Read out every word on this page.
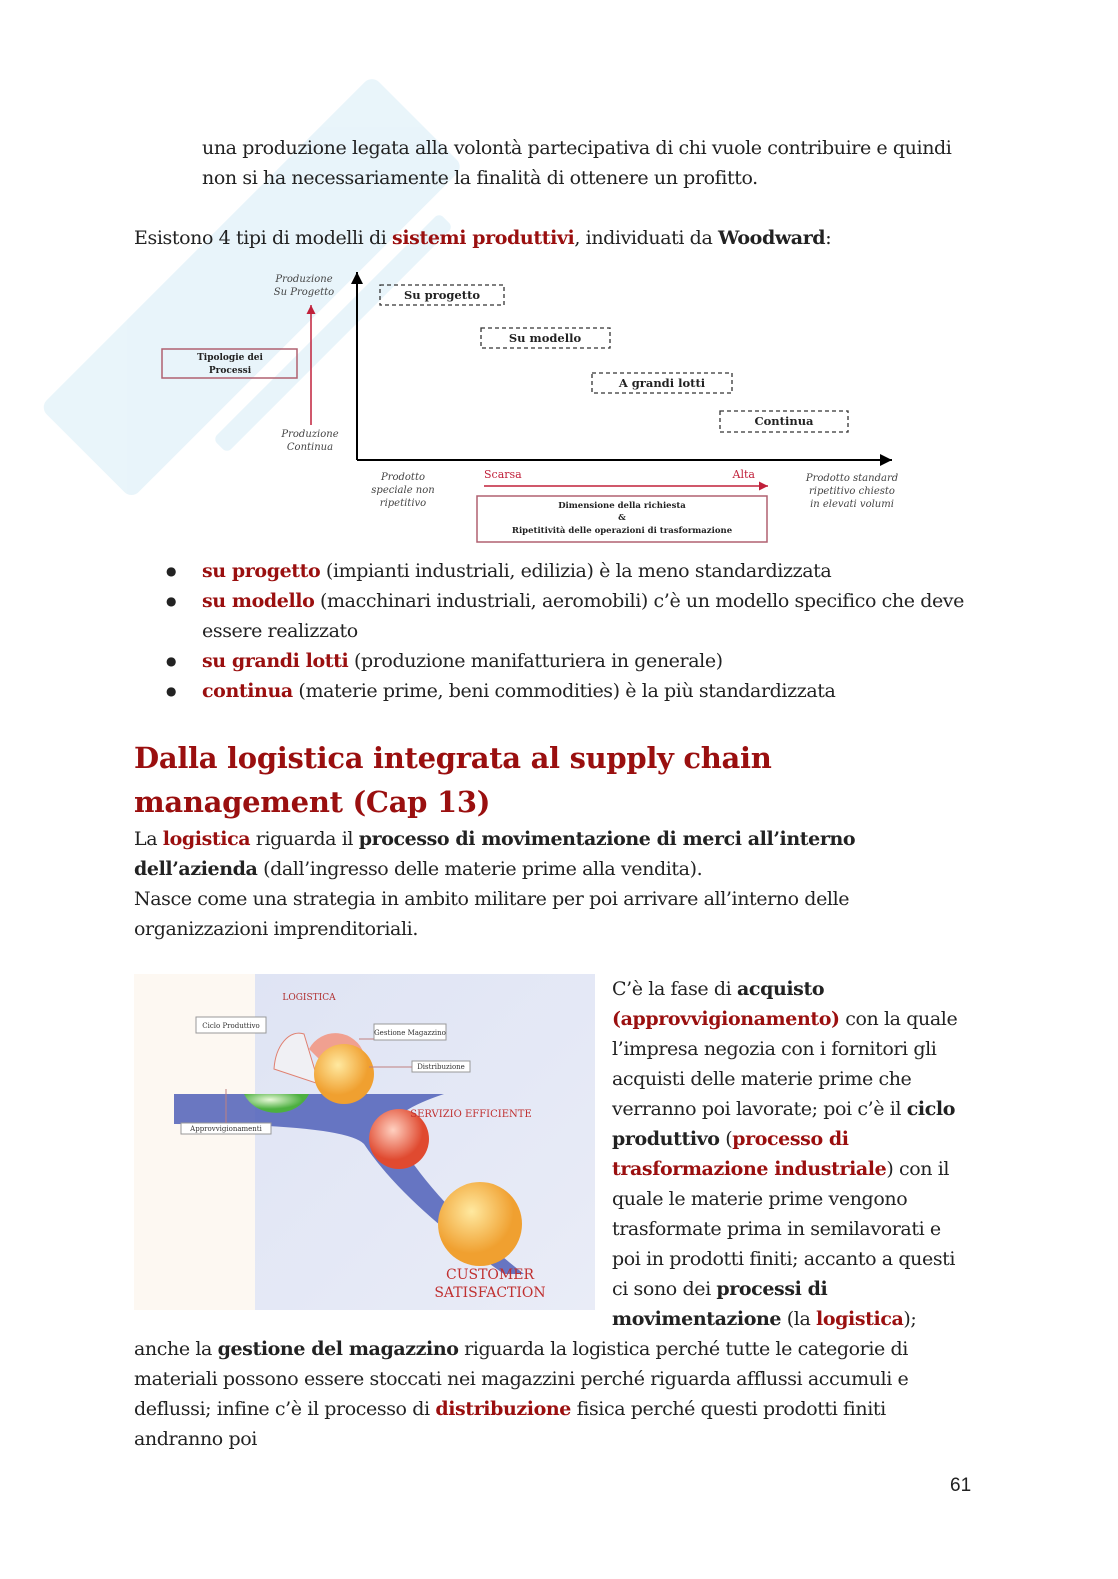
una produzione legata alla volontà partecipativa di chi vuole contribuire e quindi non si ha necessariamente la finalità di ottenere un profitto.
Esistono 4 tipi di modelli di sistemi produttivi, individuati da Woodward:
Produzione
Su Progetto
Produzione
Continua
Prodotto
speciale non
ripetitivo
Prodotto standard
ripetitivo chiesto
in elevati volumi
Tipologie dei
Processi
Su progetto
Su modello
A grandi lotti
Continua
Scarsa	Alta
Dimensione della richiesta
&
Ripetitività delle operazioni di trasformazione
● su progetto (impianti industriali, edilizia) è la meno standardizzata
● su modello (macchinari industriali, aeromobili) c’è un modello specifico che deve essere realizzato
● su grandi lotti (produzione manifatturiera in generale)
● continua (materie prime, beni commodities) è la più standardizzata
Dalla logistica integrata al supply chain management (Cap 13)
La logistica riguarda il processo di movimentazione di merci all’interno dell’azienda (dall’ingresso delle materie prime alla vendita).
Nasce come una strategia in ambito militare per poi arrivare all’interno delle organizzazioni imprenditoriali.
Ciclo Produttivo
Gestione Magazzino
Distribuzione
Approvvigionamenti
LOGISTICA
SERVIZIO EFFICIENTE
CUSTOMER
SATISFACTION
C’è la fase di acquisto (approvvigionamento) con la quale l’impresa negozia con i fornitori gli acquisti delle materie prime che verranno poi lavorate; poi c’è il ciclo produttivo (processo di trasformazione industriale) con il quale le materie prime vengono trasformate prima in semilavorati e poi in prodotti finiti; accanto a questi ci sono dei processi di movimentazione (la logistica); anche la gestione del magazzino riguarda la logistica perché tutte le categorie di materiali possono essere stoccati nei magazzini perché riguarda afflussi accumuli e deflussi; infine c’è il processo di distribuzione fisica perché questi prodotti finiti andranno poi
61
